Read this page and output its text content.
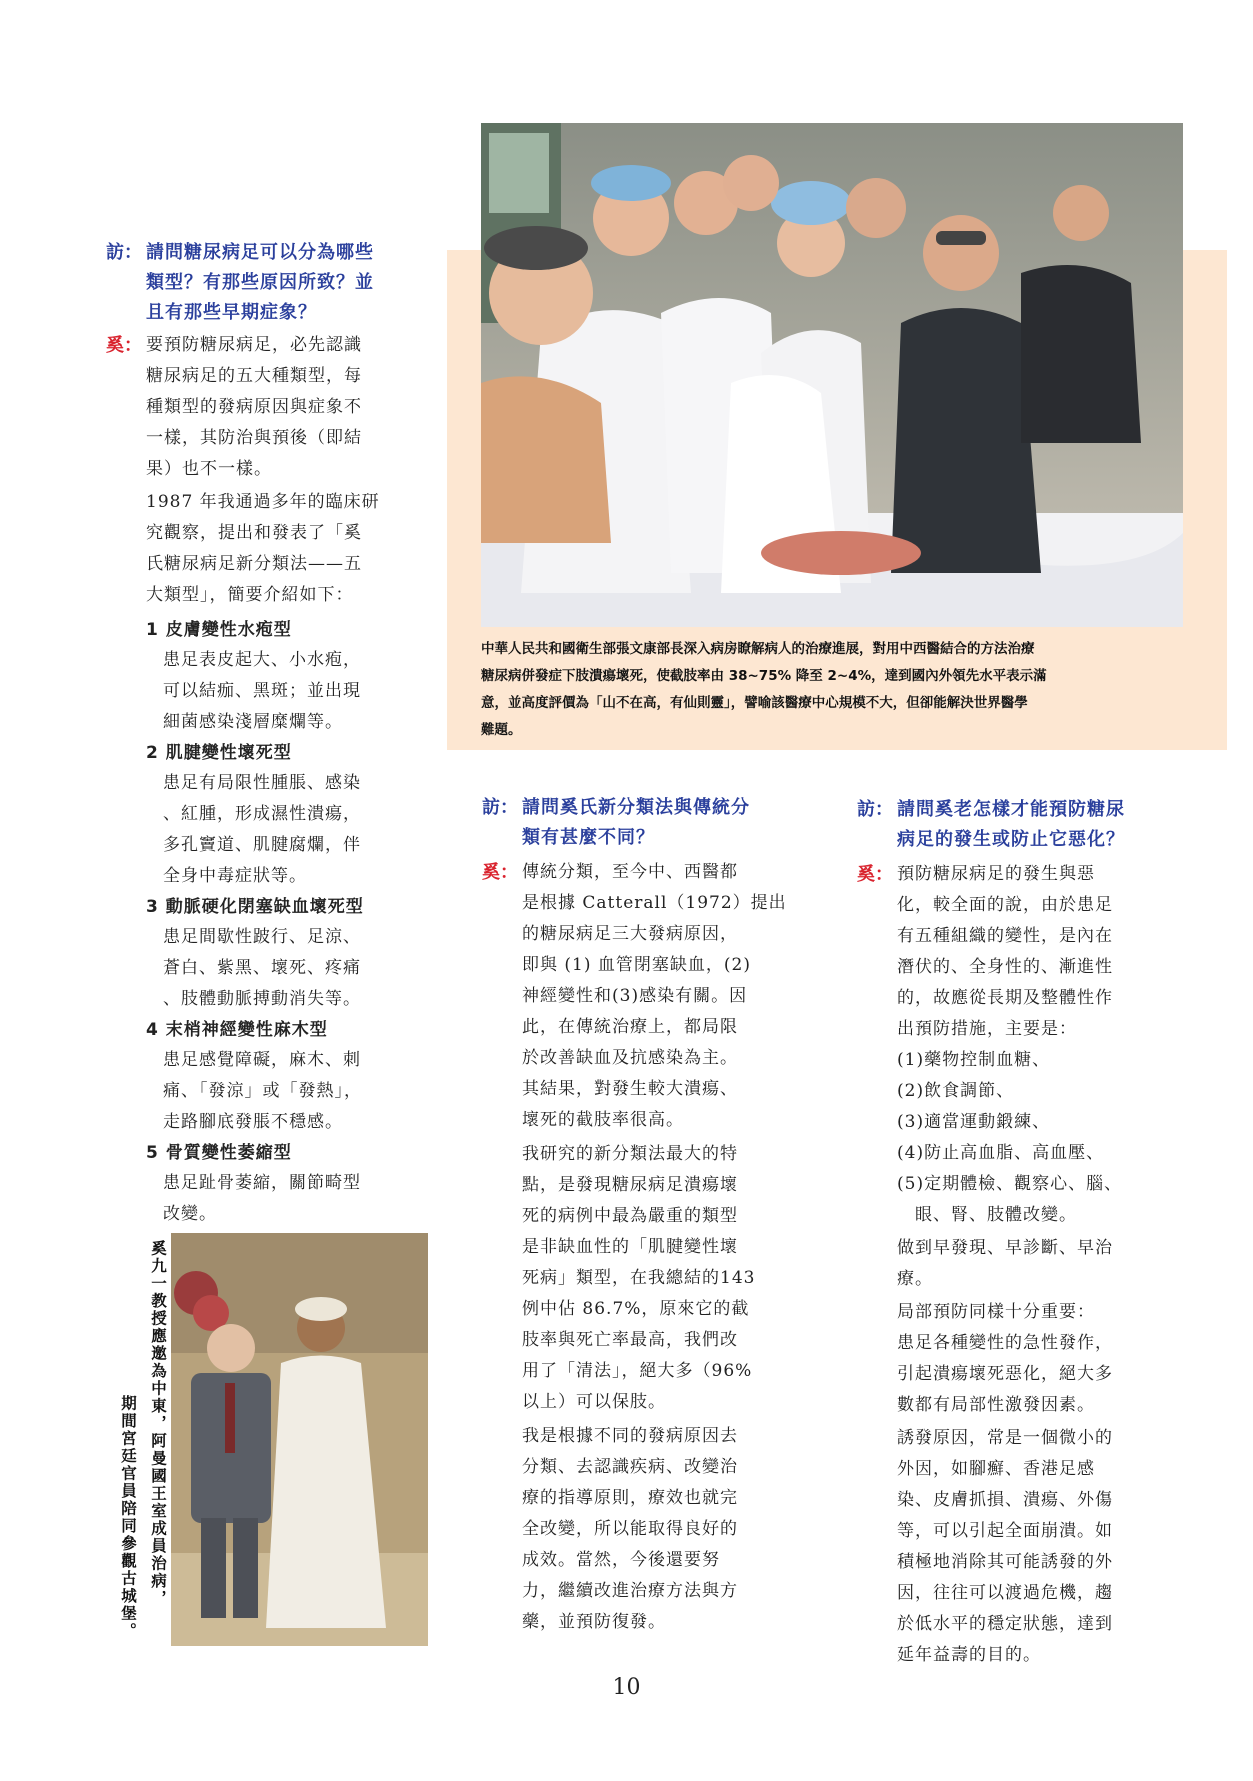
中華人民共和國衛生部張文康部長深入病房瞭解病人的治療進展，對用中西醫結合的方法治療
糖尿病併發症下肢潰瘍壞死，使截肢率由 38~75% 降至 2~4%，達到國內外領先水平表示滿
意，並高度評價為「山不在高，有仙則靈」，譬喻該醫療中心規模不大，但卻能解決世界醫學
難題。
訪： 請問糖尿病足可以分為哪些
類型？有那些原因所致？並
且有那些早期症象？
奚： 要預防糖尿病足，必先認識
糖尿病足的五大種類型，每
種類型的發病原因與症象不
一樣，其防治與預後（即結
果）也不一樣。
1987 年我通過多年的臨床研
究觀察，提出和發表了「奚
氏糖尿病足新分類法——五
大類型」，簡要介紹如下：

1 皮膚變性水疱型

患足表皮起大、小水疱，
可以結痂、黑斑；並出現
細菌感染淺層糜爛等。

2 肌腱變性壞死型

患足有局限性腫脹、感染
、紅腫，形成濕性潰瘍，
多孔竇道、肌腱腐爛，伴
全身中毒症狀等。

3 動脈硬化閉塞缺血壞死型

患足間歇性跛行、足涼、
蒼白、紫黑、壞死、疼痛
、肢體動脈搏動消失等。

4 末梢神經變性麻木型

患足感覺障礙，麻木、刺
痛、「發涼」或「發熱」，
走路腳底發脹不穩感。

5 骨質變性萎縮型

患足趾骨萎縮，關節畸型
改變。
奚九一教授應邀為中東，阿曼國王室成員治病，
期間宮廷官員陪同參觀古城堡。
訪： 請問奚氏新分類法與傳統分
類有甚麼不同？
奚： 傳統分類，至今中、西醫都
是根據 Catterall（1972）提出
的糖尿病足三大發病原因，
即與 (1) 血管閉塞缺血，(2)
神經變性和(3)感染有關。因
此，在傳統治療上，都局限
於改善缺血及抗感染為主。
其結果，對發生較大潰瘍、
壞死的截肢率很高。
我研究的新分類法最大的特
點，是發現糖尿病足潰瘍壞
死的病例中最為嚴重的類型
是非缺血性的「肌腱變性壞
死病」類型，在我總結的143
例中佔 86.7%，原來它的截
肢率與死亡率最高，我們改
用了「清法」，絕大多（96%
以上）可以保肢。
我是根據不同的發病原因去
分類、去認識疾病、改變治
療的指導原則，療效也就完
全改變，所以能取得良好的
成效。當然，今後還要努
力，繼續改進治療方法與方
藥，並預防復發。
訪： 請問奚老怎樣才能預防糖尿
病足的發生或防止它惡化？
奚： 預防糖尿病足的發生與惡
化，較全面的說，由於患足
有五種組織的變性，是內在
潛伏的、全身性的、漸進性
的，故應從長期及整體性作
出預防措施，主要是：
(1)藥物控制血糖、
(2)飲食調節、
(3)適當運動鍛練、
(4)防止高血脂、高血壓、
(5)定期體檢、觀察心、腦、
　眼、腎、肢體改變。
做到早發現、早診斷、早治
療。
局部預防同樣十分重要：
患足各種變性的急性發作，
引起潰瘍壞死惡化，絕大多
數都有局部性激發因素。
誘發原因，常是一個微小的
外因，如腳癬、香港足感
染、皮膚抓損、潰瘍、外傷
等，可以引起全面崩潰。如
積極地消除其可能誘發的外
因，往往可以渡過危機，趨
於低水平的穩定狀態，達到
延年益壽的目的。
10
